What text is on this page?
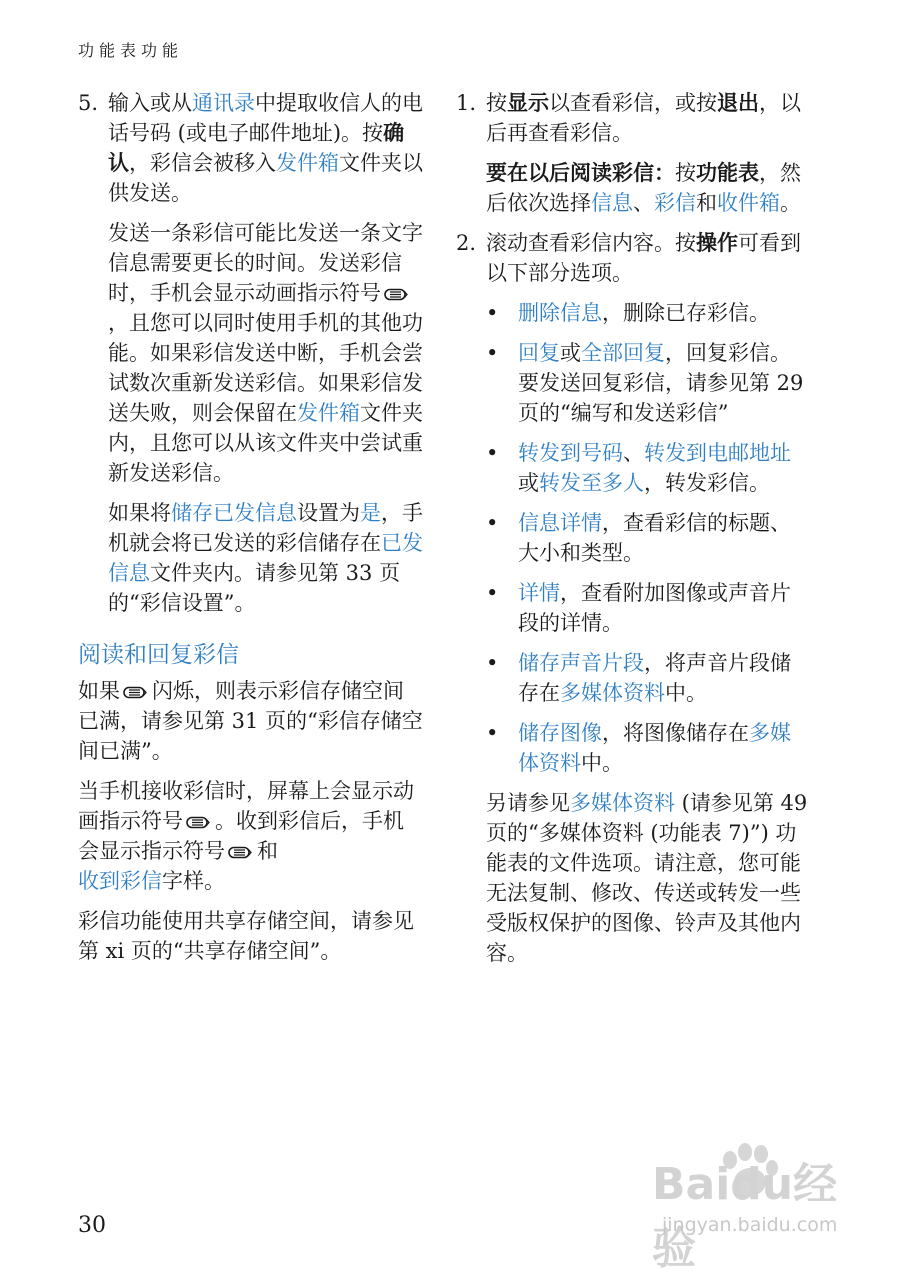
功能表功能
5. 输入或从通讯录中提取收信人的电话号码 (或电子邮件地址)。按确认，彩信会被移入发件箱文件夹以供发送。

发送一条彩信可能比发送一条文字信息需要更长的时间。发送彩信时，手机会显示动画指示符号
，且您可以同时使用手机的其他功能。如果彩信发送中断，手机会尝试数次重新发送彩信。如果彩信发送失败，则会保留在发件箱文件夹内，且您可以从该文件夹中尝试重新发送彩信。

如果将储存已发信息设置为是，手机就会将已发送的彩信储存在已发信息文件夹内。请参见第 33 页的“彩信设置”。

阅读和回复彩信

如果 闪烁，则表示彩信存储空间已满，请参见第 31 页的“彩信存储空间已满”。

当手机接收彩信时，屏幕上会显示动画指示符号 。收到彩信后，手机会显示指示符号 和
收到彩信字样。

彩信功能使用共享存储空间，请参见第 xi 页的“共享存储空间”。

1. 按显示以查看彩信，或按退出，以后再查看彩信。

要在以后阅读彩信：按功能表，然后依次选择信息、彩信和收件箱。

2. 滚动查看彩信内容。按操作可看到以下部分选项。
• 删除信息，删除已存彩信。
• 回复或全部回复，回复彩信。要发送回复彩信，请参见第 29 页的“编写和发送彩信”
• 转发到号码、转发到电邮地址或转发至多人，转发彩信。
• 信息详情，查看彩信的标题、大小和类型。
• 详情，查看附加图像或声音片段的详情。
• 储存声音片段，将声音片段储存在多媒体资料中。
• 储存图像，将图像储存在多媒体资料中。

另请参见多媒体资料 (请参见第 49 页的“多媒体资料 (功能表 7)”) 功能表的文件选项。请注意，您可能无法复制、修改、传送或转发一些受版权保护的图像、铃声及其他内容。

30
Baidu经验
jingyan.baidu.com
